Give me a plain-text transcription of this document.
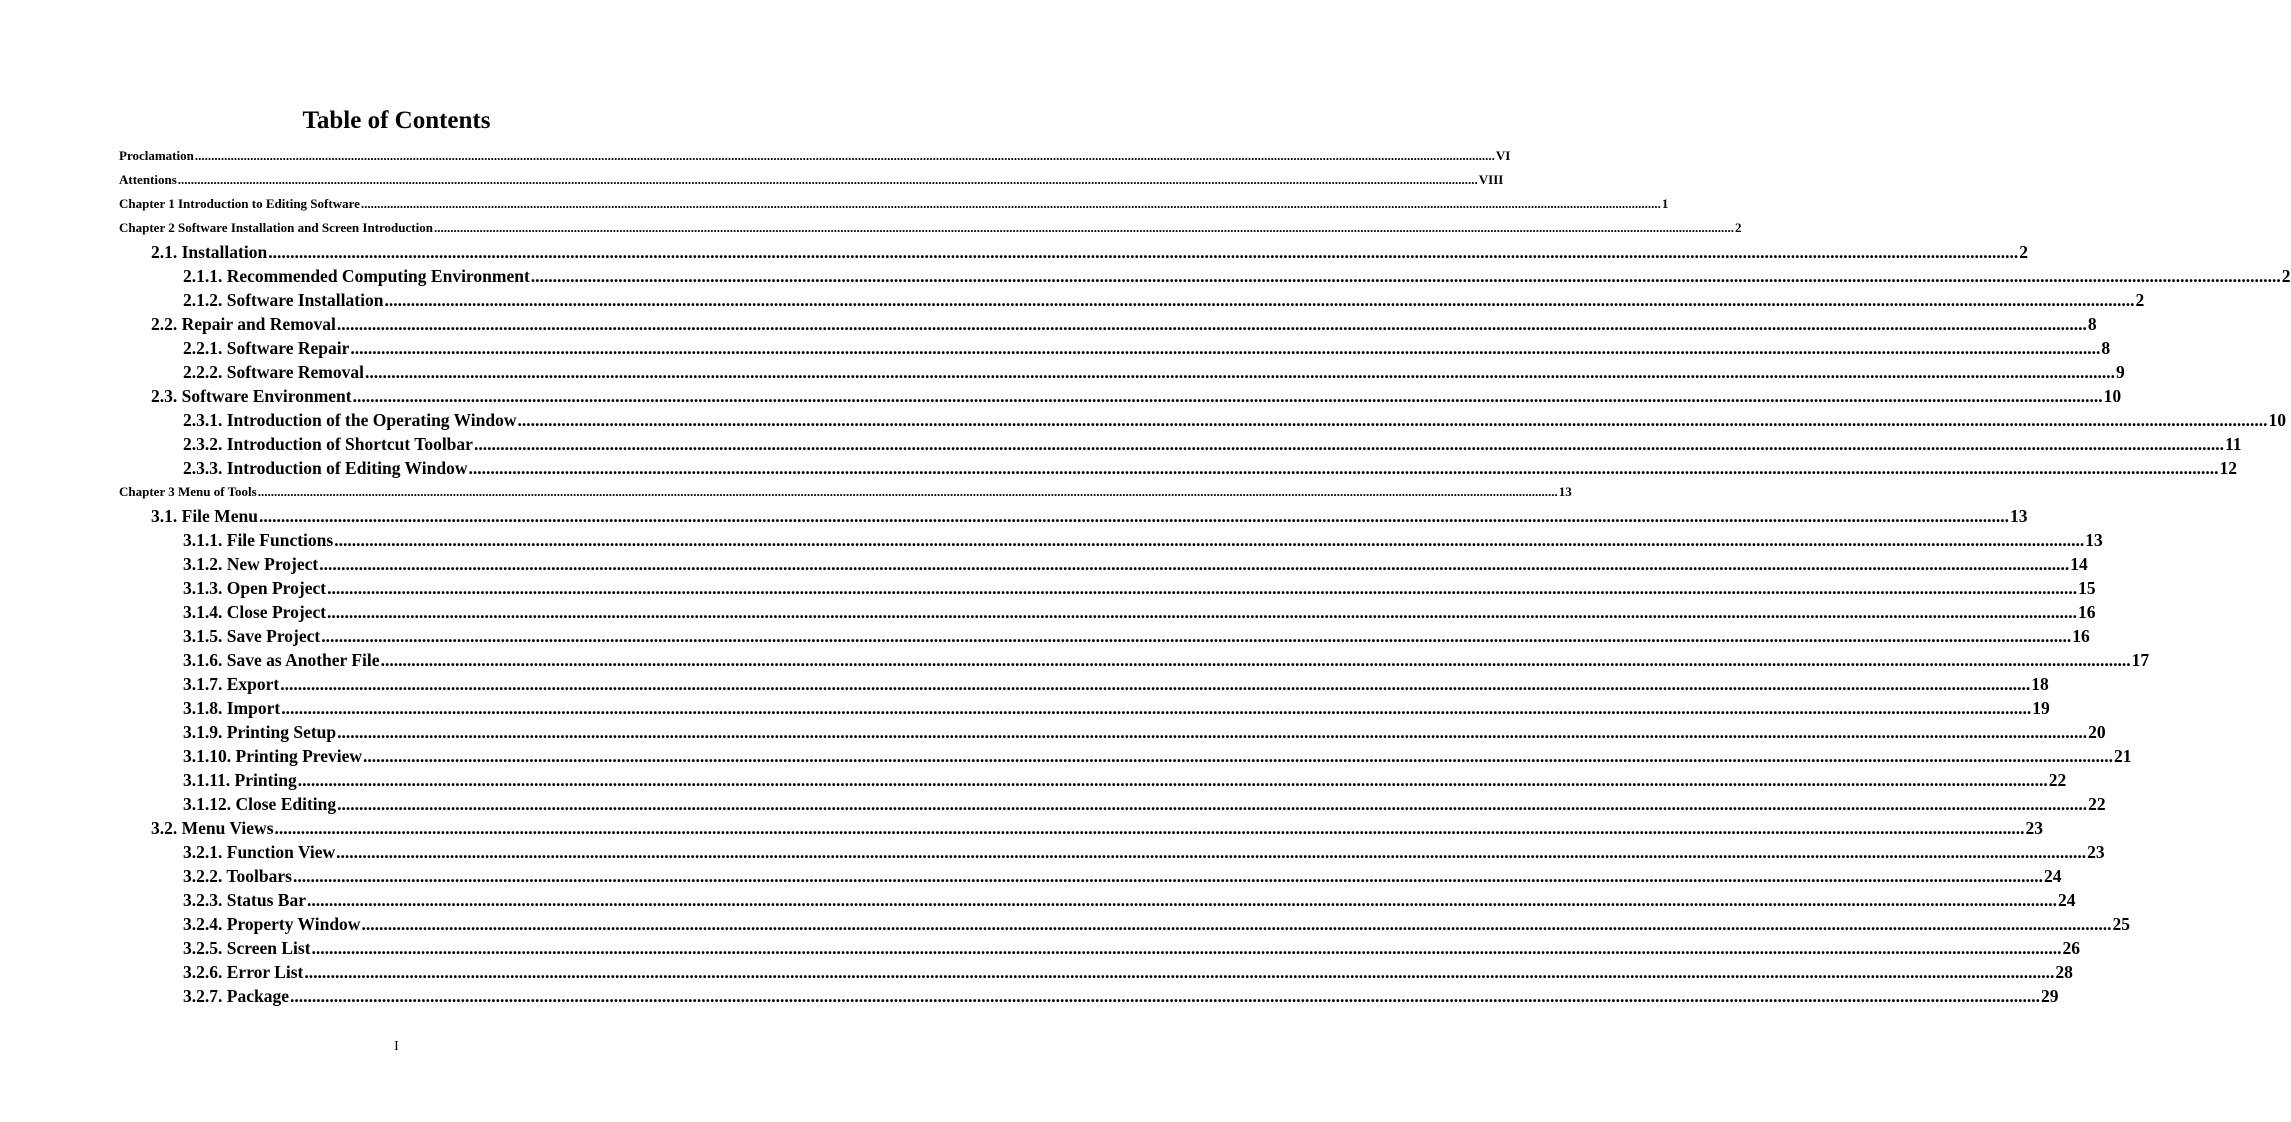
Table of Contents
Proclamation ................................................................................................................................................................................................................................................................................................................................................................................................................ VI
Attentions ................................................................................................................................................................................................................................................................................................................................................................................................................ VIII
Chapter 1 Introduction to Editing Software ................................................................................................................................................................................................................................................................................................................................................................................................................ 1
Chapter 2 Software Installation and Screen Introduction ................................................................................................................................................................................................................................................................................................................................................................................................................ 2
2.1. Installation ................................................................................................................................................................................................................................................................................................................................................................................................................ 2
2.1.1. Recommended Computing Environment ................................................................................................................................................................................................................................................................................................................................................................................................................ 2
2.1.2. Software Installation ................................................................................................................................................................................................................................................................................................................................................................................................................ 2
2.2. Repair and Removal ................................................................................................................................................................................................................................................................................................................................................................................................................ 8
2.2.1. Software Repair ................................................................................................................................................................................................................................................................................................................................................................................................................ 8
2.2.2. Software Removal ................................................................................................................................................................................................................................................................................................................................................................................................................ 9
2.3. Software Environment ................................................................................................................................................................................................................................................................................................................................................................................................................ 10
2.3.1. Introduction of the Operating Window ................................................................................................................................................................................................................................................................................................................................................................................................................ 10
2.3.2. Introduction of Shortcut Toolbar ................................................................................................................................................................................................................................................................................................................................................................................................................ 11
2.3.3. Introduction of Editing Window ................................................................................................................................................................................................................................................................................................................................................................................................................ 12
Chapter 3 Menu of Tools ................................................................................................................................................................................................................................................................................................................................................................................................................ 13
3.1. File Menu ................................................................................................................................................................................................................................................................................................................................................................................................................ 13
3.1.1. File Functions ................................................................................................................................................................................................................................................................................................................................................................................................................ 13
3.1.2. New Project ................................................................................................................................................................................................................................................................................................................................................................................................................ 14
3.1.3. Open Project ................................................................................................................................................................................................................................................................................................................................................................................................................ 15
3.1.4. Close Project ................................................................................................................................................................................................................................................................................................................................................................................................................ 16
3.1.5. Save Project ................................................................................................................................................................................................................................................................................................................................................................................................................ 16
3.1.6. Save as Another File ................................................................................................................................................................................................................................................................................................................................................................................................................ 17
3.1.7. Export ................................................................................................................................................................................................................................................................................................................................................................................................................ 18
3.1.8. Import ................................................................................................................................................................................................................................................................................................................................................................................................................ 19
3.1.9. Printing Setup ................................................................................................................................................................................................................................................................................................................................................................................................................ 20
3.1.10. Printing Preview ................................................................................................................................................................................................................................................................................................................................................................................................................ 21
3.1.11. Printing ................................................................................................................................................................................................................................................................................................................................................................................................................ 22
3.1.12. Close Editing ................................................................................................................................................................................................................................................................................................................................................................................................................ 22
3.2. Menu Views ................................................................................................................................................................................................................................................................................................................................................................................................................ 23
3.2.1. Function View ................................................................................................................................................................................................................................................................................................................................................................................................................ 23
3.2.2. Toolbars ................................................................................................................................................................................................................................................................................................................................................................................................................ 24
3.2.3. Status Bar ................................................................................................................................................................................................................................................................................................................................................................................................................ 24
3.2.4. Property Window ................................................................................................................................................................................................................................................................................................................................................................................................................ 25
3.2.5. Screen List ................................................................................................................................................................................................................................................................................................................................................................................................................ 26
3.2.6. Error List ................................................................................................................................................................................................................................................................................................................................................................................................................ 28
3.2.7. Package ................................................................................................................................................................................................................................................................................................................................................................................................................ 29
I
